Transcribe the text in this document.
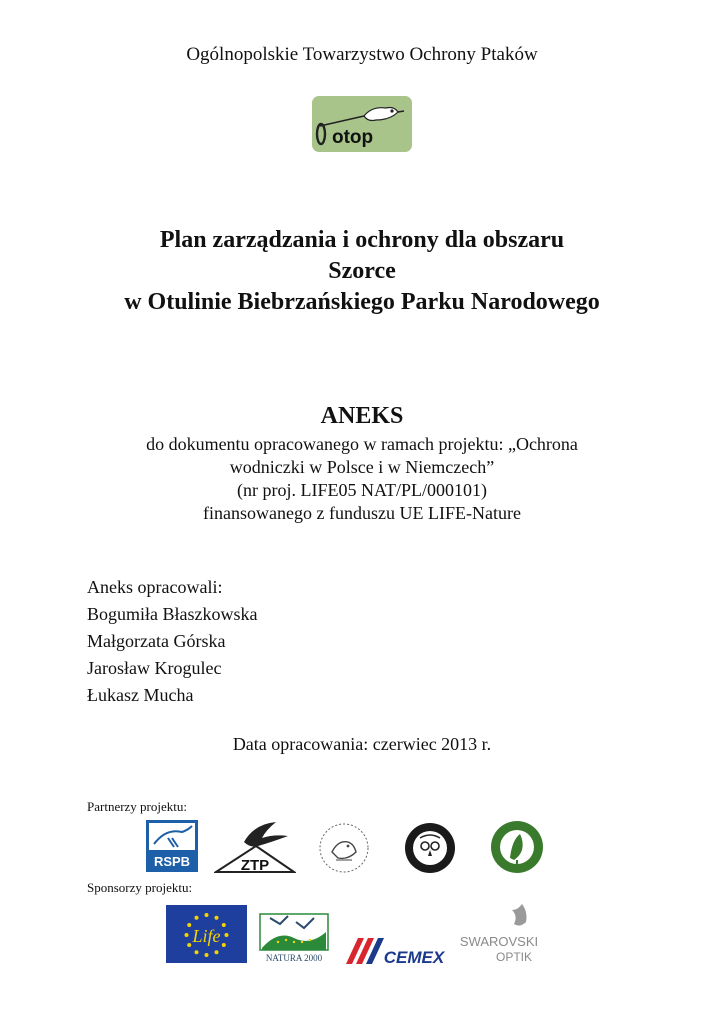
Ogólnopolskie Towarzystwo Ochrony Ptaków
otop
Plan zarządzania i ochrony dla obszaru
Szorce
w Otulinie Biebrzańskiego Parku Narodowego
ANEKS
do dokumentu opracowanego w ramach projektu: „Ochrona
wodniczki w Polsce i w Niemczech”
(nr proj. LIFE05 NAT/PL/000101)
finansowanego z funduszu UE LIFE-Nature
Aneks opracowali:
Bogumiła Błaszkowska
Małgorzata Górska
Jarosław Krogulec
Łukasz Mucha
Data opracowania: czerwiec 2013 r.
Partnerzy projektu:
RSPB	ZTP
Sponsorzy projektu:
Life
NATURA 2000	CEMEX
SWAROVSKI
OPTIK
